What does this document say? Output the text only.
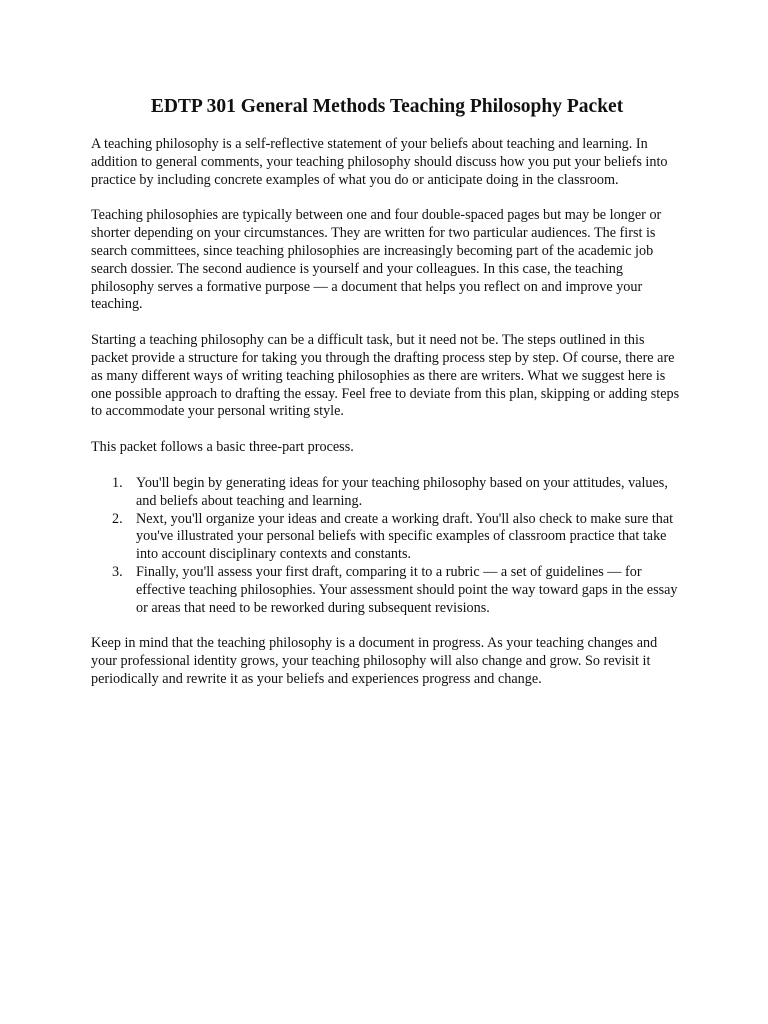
EDTP 301 General Methods Teaching Philosophy Packet

A teaching philosophy is a self-reflective statement of your beliefs about teaching and learning. In addition to general comments, your teaching philosophy should discuss how you put your beliefs into practice by including concrete examples of what you do or anticipate doing in the classroom.

Teaching philosophies are typically between one and four double-spaced pages but may be longer or shorter depending on your circumstances. They are written for two particular audiences. The first is search committees, since teaching philosophies are increasingly becoming part of the academic job search dossier. The second audience is yourself and your colleagues. In this case, the teaching philosophy serves a formative purpose — a document that helps you reflect on and improve your teaching.

Starting a teaching philosophy can be a difficult task, but it need not be. The steps outlined in this packet provide a structure for taking you through the drafting process step by step. Of course, there are as many different ways of writing teaching philosophies as there are writers. What we suggest here is one possible approach to drafting the essay. Feel free to deviate from this plan, skipping or adding steps to accommodate your personal writing style.

This packet follows a basic three-part process.

1. You'll begin by generating ideas for your teaching philosophy based on your attitudes, values, and beliefs about teaching and learning.
2. Next, you'll organize your ideas and create a working draft. You'll also check to make sure that you've illustrated your personal beliefs with specific examples of classroom practice that take into account disciplinary contexts and constants.
3. Finally, you'll assess your first draft, comparing it to a rubric — a set of guidelines — for effective teaching philosophies. Your assessment should point the way toward gaps in the essay or areas that need to be reworked during subsequent revisions.

Keep in mind that the teaching philosophy is a document in progress. As your teaching changes and your professional identity grows, your teaching philosophy will also change and grow. So revisit it periodically and rewrite it as your beliefs and experiences progress and change.
